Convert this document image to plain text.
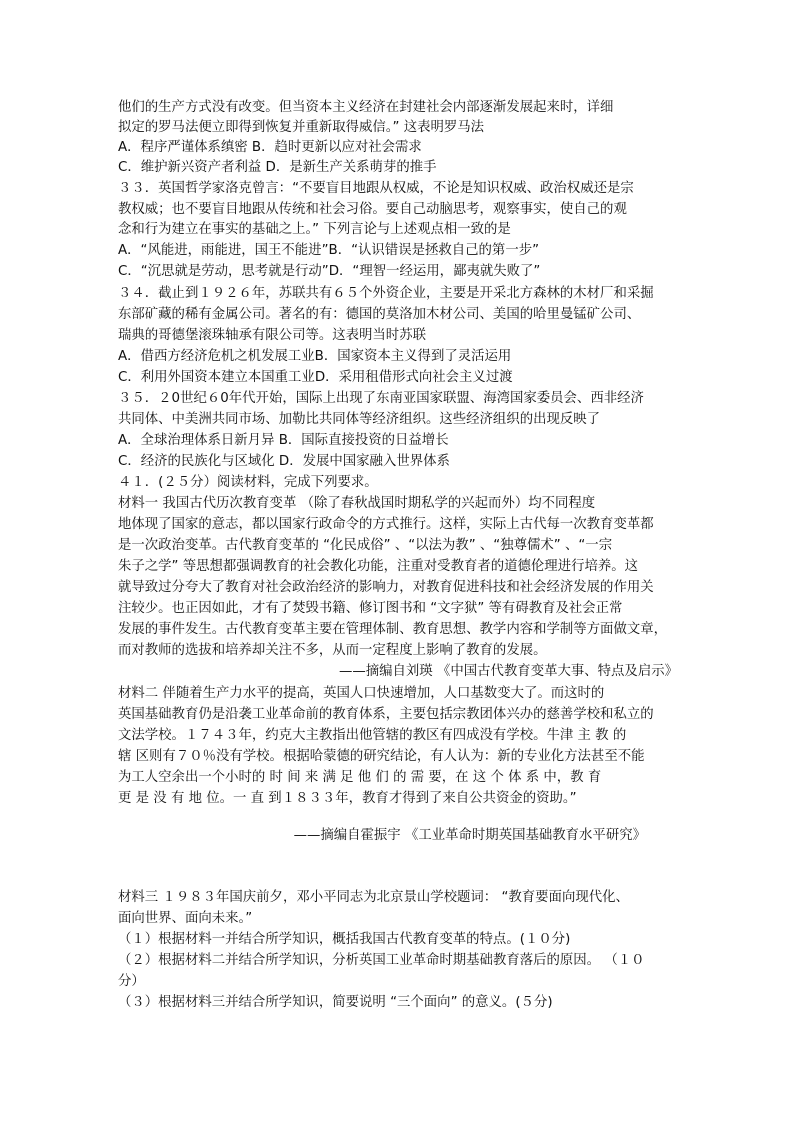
他们的生产方式没有改变。但当资本主义经济在封建社会内部逐渐发展起来时，详细
拟定的罗马法便立即得到恢复并重新取得威信。” 这表明罗马法
A．程序严谨体系缜密 B．趋时更新以应对社会需求
C．维护新兴资产者利益 D．是新生产关系萌芽的推手
３３．英国哲学家洛克曾言：“不要盲目地跟从权威，不论是知识权威、政治权威还是宗
教权威；也不要盲目地跟从传统和社会习俗。要自己动脑思考，观察事实，使自己的观
念和行为建立在事实的基础之上。” 下列言论与上述观点相一致的是
A．“风能进，雨能进，国王不能进”B．“认识错误是拯救自己的第一步”
C．“沉思就是劳动，思考就是行动”D．“理智一经运用，鄙夷就失败了”
３４．截止到１９２６年，苏联共有６５个外资企业，主要是开采北方森林的木材厂和采掘
东部矿藏的稀有金属公司。著名的有：德国的莫洛加木材公司、美国的哈里曼锰矿公司、
瑞典的哥德堡滚珠轴承有限公司等。这表明当时苏联
A．借西方经济危机之机发展工业B．国家资本主义得到了灵活运用
C．利用外国资本建立本国重工业D．采用租借形式向社会主义过渡
３５．２0世纪６0年代开始，国际上出现了东南亚国家联盟、海湾国家委员会、西非经济
共同体、中美洲共同市场、加勒比共同体等经济组织。这些经济组织的出现反映了
A．全球治理体系日新月异 B．国际直接投资的日益增长
C．经济的民族化与区域化 D．发展中国家融入世界体系
４１．(２５分）阅读材料，完成下列要求。
材料一 我国古代历次教育变革 （除了春秋战国时期私学的兴起而外）均不同程度
地体现了国家的意志，都以国家行政命令的方式推行。这样，实际上古代每一次教育变革都
是一次政治变革。古代教育变革的 “化民成俗” 、“以法为教” 、“独尊儒术” 、“一宗
朱子之学” 等思想都强调教育的社会教化功能，注重对受教育者的道德伦理进行培养。这
就导致过分夸大了教育对社会政治经济的影响力，对教育促进科技和社会经济发展的作用关
注较少。也正因如此，才有了焚毁书籍、修订图书和 “文字狱” 等有碍教育及社会正常
发展的事件发生。古代教育变革主要在管理体制、教育思想、教学内容和学制等方面做文章，
而对教师的选拔和培养却关注不多，从而一定程度上影响了教育的发展。
——摘编自刘瑛 《中国古代教育变革大事、特点及启示》
材料二 伴随着生产力水平的提高，英国人口快速增加，人口基数变大了。而这时的
英国基础教育仍是沿袭工业革命前的教育体系，主要包括宗教团体兴办的慈善学校和私立的
文法学校。１７４３年，约克大主教指出他管辖的教区有四成没有学校。牛津 主 教 的
辖 区则有７０％没有学校。根据哈蒙德的研究结论，有人认为：新的专业化方法甚至不能
为工人空余出一个小时的 时 间 来 满 足 他 们 的 需 要，在 这 个 体 系 中，教 育
更 是 没 有 地 位。一 直 到１８３３年，教育才得到了来自公共资金的资助。”
——摘编自霍振宇 《工业革命时期英国基础教育水平研究》
材料三 １９８３年国庆前夕，邓小平同志为北京景山学校题词： “教育要面向现代化、
面向世界、面向未来。”
（１）根据材料一并结合所学知识，概括我国古代教育变革的特点。(１０分)
（２）根据材料二并结合所学知识，分析英国工业革命时期基础教育落后的原因。 （１０
分）
（３）根据材料三并结合所学知识，简要说明 “三个面向” 的意义。(５分)
